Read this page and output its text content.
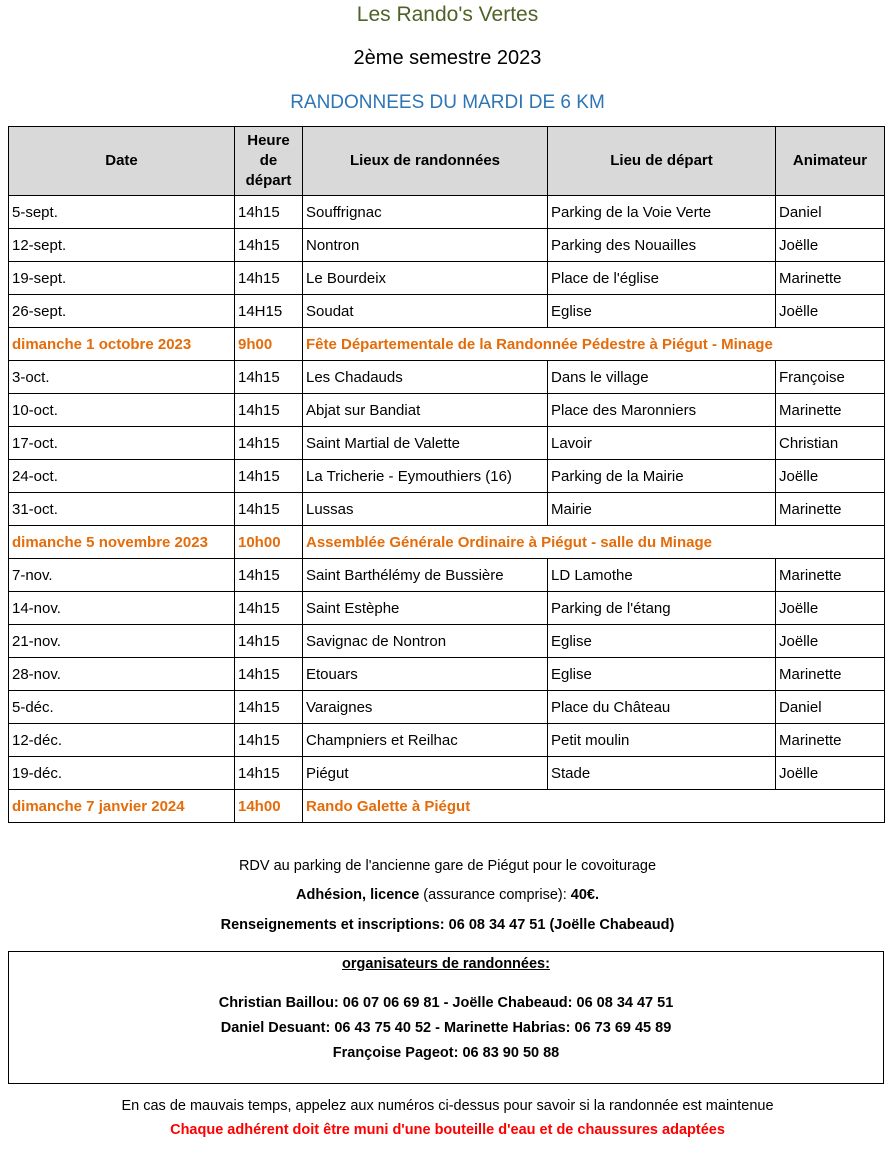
Les Rando's Vertes
2ème semestre 2023
RANDONNEES DU MARDI DE 6 KM
Date	Heure de départ	Lieux de randonnées	Lieu de départ	Animateur
5-sept.	14h15	Souffrignac	Parking de la Voie Verte	Daniel
12-sept.	14h15	Nontron	Parking des Nouailles	Joëlle
19-sept.	14h15	Le Bourdeix	Place de l'église	Marinette
26-sept.	14H15	Soudat	Eglise	Joëlle
dimanche 1 octobre 2023	9h00	Fête Départementale de la Randonnée Pédestre à Piégut - Minage		
3-oct.	14h15	Les Chadauds	Dans le village	Françoise
10-oct.	14h15	Abjat sur Bandiat	Place des Maronniers	Marinette
17-oct.	14h15	Saint Martial de Valette	Lavoir	Christian
24-oct.	14h15	La Tricherie - Eymouthiers (16)	Parking de la Mairie	Joëlle
31-oct.	14h15	Lussas	Mairie	Marinette
dimanche 5 novembre 2023	10h00	Assemblée Générale Ordinaire à Piégut - salle du Minage		
7-nov.	14h15	Saint Barthélémy de Bussière	LD Lamothe	Marinette
14-nov.	14h15	Saint Estèphe	Parking de l'étang	Joëlle
21-nov.	14h15	Savignac de Nontron	Eglise	Joëlle
28-nov.	14h15	Etouars	Eglise	Marinette
5-déc.	14h15	Varaignes	Place du Château	Daniel
12-déc.	14h15	Champniers et Reilhac	Petit moulin	Marinette
19-déc.	14h15	Piégut	Stade	Joëlle
dimanche 7 janvier 2024	14h00	Rando Galette à Piégut		
RDV au parking de l'ancienne gare de Piégut pour le covoiturage
Adhésion, licence (assurance comprise): 40€.
Renseignements et inscriptions: 06 08 34 47 51 (Joëlle Chabeaud)
organisateurs de randonnées:
Christian Baillou: 06 07 06 69 81 - Joëlle Chabeaud: 06 08 34 47 51
Daniel Desuant: 06 43 75 40 52 - Marinette Habrias: 06 73 69 45 89
Françoise Pageot: 06 83 90 50 88
En cas de mauvais temps, appelez aux numéros ci-dessus pour savoir si la randonnée est maintenue
Chaque adhérent doit être muni d'une bouteille d'eau et de chaussures adaptées
